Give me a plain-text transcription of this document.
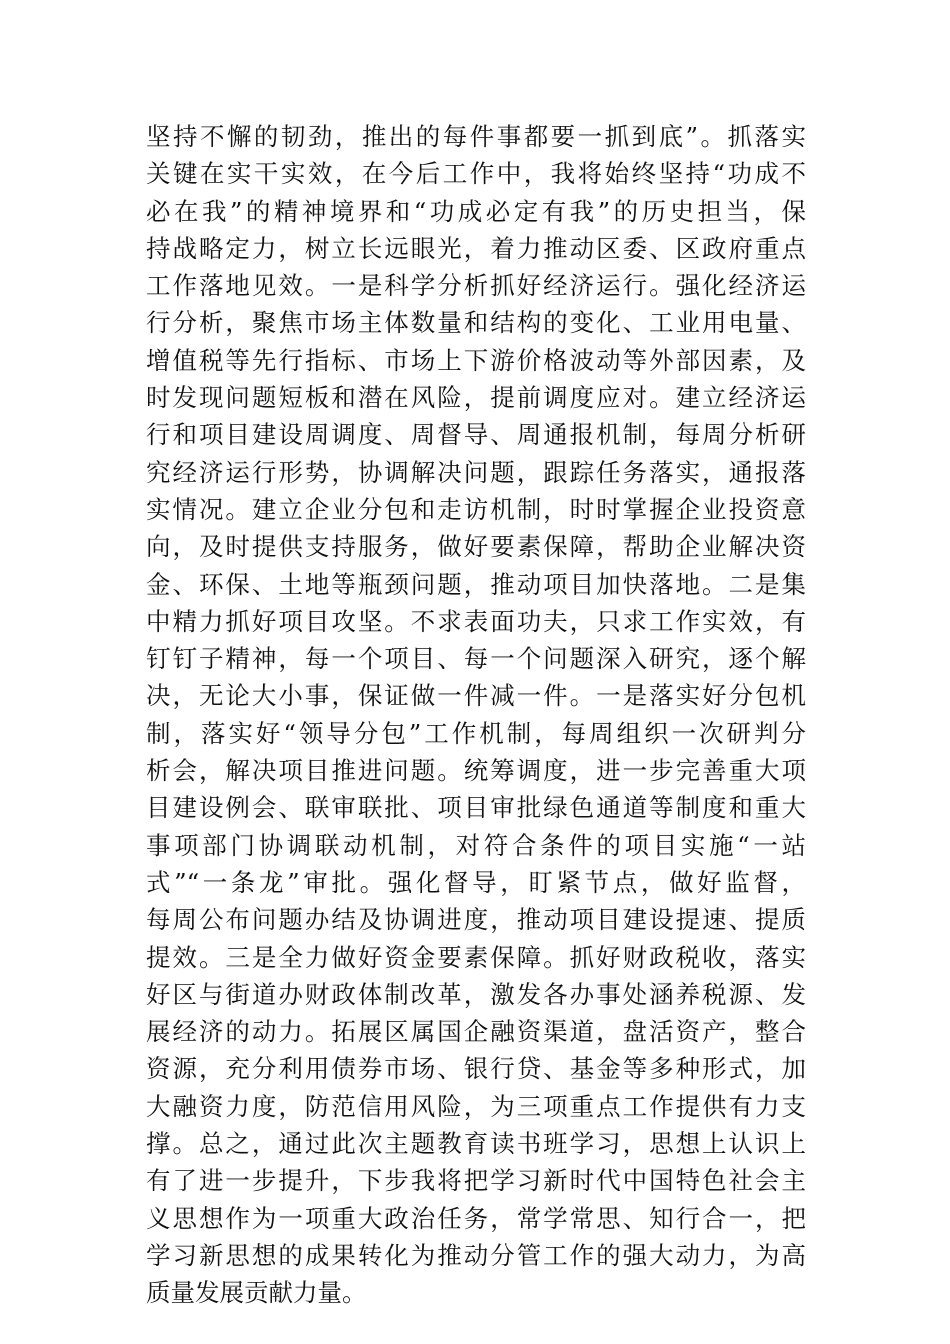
坚持不懈的韧劲，推出的每件事都要一抓到底”。抓落实
关键在实干实效，在今后工作中，我将始终坚持“功成不
必在我”的精神境界和“功成必定有我”的历史担当，保
持战略定力，树立长远眼光，着力推动区委、区政府重点
工作落地见效。一是科学分析抓好经济运行。强化经济运
行分析，聚焦市场主体数量和结构的变化、工业用电量、
增值税等先行指标、市场上下游价格波动等外部因素，及
时发现问题短板和潜在风险，提前调度应对。建立经济运
行和项目建设周调度、周督导、周通报机制，每周分析研
究经济运行形势，协调解决问题，跟踪任务落实，通报落
实情况。建立企业分包和走访机制，时时掌握企业投资意
向，及时提供支持服务，做好要素保障，帮助企业解决资
金、环保、土地等瓶颈问题，推动项目加快落地。二是集
中精力抓好项目攻坚。不求表面功夫，只求工作实效，有
钉钉子精神，每一个项目、每一个问题深入研究，逐个解
决，无论大小事，保证做一件减一件。一是落实好分包机
制，落实好“领导分包”工作机制，每周组织一次研判分
析会，解决项目推进问题。统筹调度，进一步完善重大项
目建设例会、联审联批、项目审批绿色通道等制度和重大
事项部门协调联动机制，对符合条件的项目实施“一站
式”“一条龙”审批。强化督导，盯紧节点，做好监督，
每周公布问题办结及协调进度，推动项目建设提速、提质
提效。三是全力做好资金要素保障。抓好财政税收，落实
好区与街道办财政体制改革，激发各办事处涵养税源、发
展经济的动力。拓展区属国企融资渠道，盘活资产，整合
资源，充分利用债券市场、银行贷、基金等多种形式，加
大融资力度，防范信用风险，为三项重点工作提供有力支
撑。总之，通过此次主题教育读书班学习，思想上认识上
有了进一步提升，下步我将把学习新时代中国特色社会主
义思想作为一项重大政治任务，常学常思、知行合一，把
学习新思想的成果转化为推动分管工作的强大动力，为高
质量发展贡献力量。
